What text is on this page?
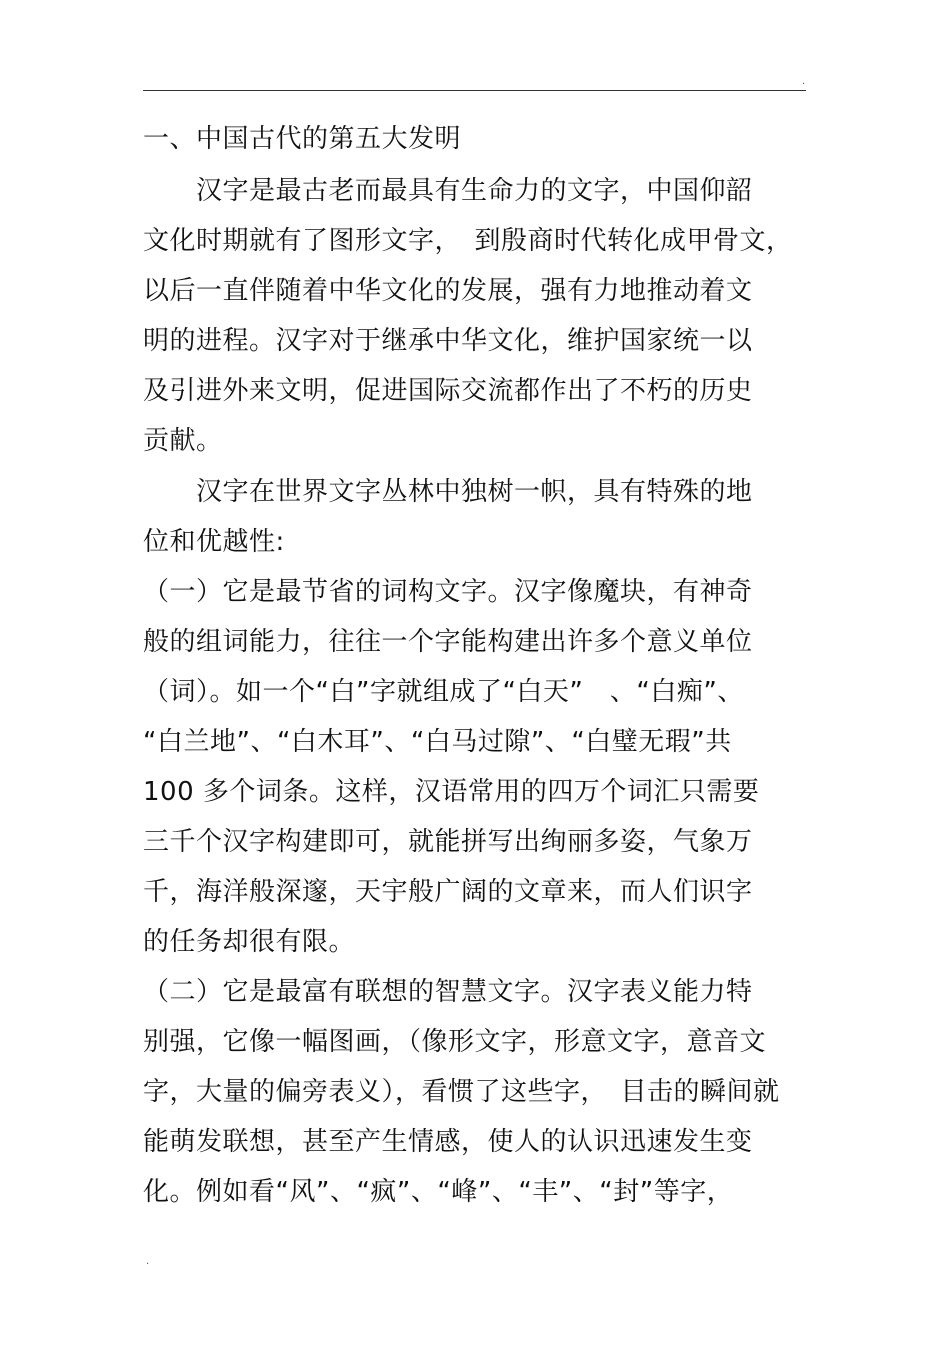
.
一、中国古代的第五大发明
　　汉字是最古老而最具有生命力的文字，中国仰韶
文化时期就有了图形文字，　到殷商时代转化成甲骨文，
以后一直伴随着中华文化的发展，强有力地推动着文
明的进程。汉字对于继承中华文化，维护国家统一以
及引进外来文明，促进国际交流都作出了不朽的历史
贡献。
　　汉字在世界文字丛林中独树一帜，具有特殊的地
位和优越性:
（一）它是最节省的词构文字。汉字像魔块，有神奇
般的组词能力，往往一个字能构建出许多个意义单位
（词）。如一个“白”字就组成了“白天”　、“白痴”、
“白兰地”、“白木耳”、“白马过隙”、“白璧无瑕”共
100 多个词条。这样，汉语常用的四万个词汇只需要
三千个汉字构建即可，就能拼写出绚丽多姿，气象万
千，海洋般深邃，天宇般广阔的文章来，而人们识字
的任务却很有限。
（二）它是最富有联想的智慧文字。汉字表义能力特
别强，它像一幅图画，（像形文字，形意文字，意音文
字，大量的偏旁表义），看惯了这些字，　目击的瞬间就
能萌发联想，甚至产生情感，使人的认识迅速发生变
化。例如看“风”、“疯”、“峰”、“丰”、“封”等字，
.
